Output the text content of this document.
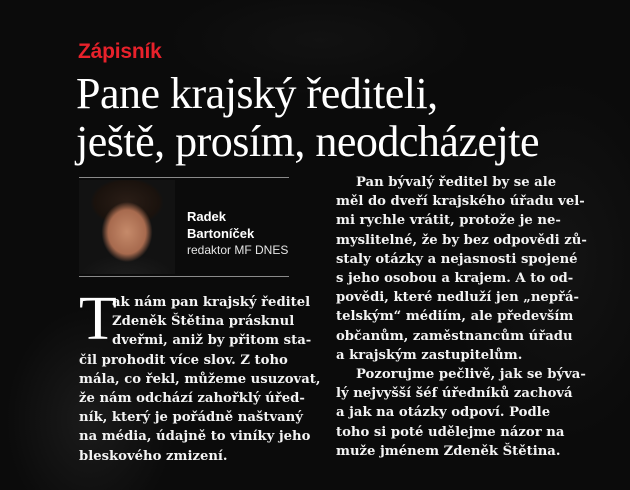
Zápisník
Pane krajský řediteli,
ještě, prosím, neodcházejte
Radek
Bartoníček
redaktor MF DNES
T
ak nám pan krajský ředitel
Zdeněk Štětina prásknul
dveřmi, aniž by přitom sta-
čil prohodit více slov. Z toho
mála, co řekl, můžeme usuzovat,
že nám odchází zahořklý úřed-
ník, který je pořádně naštvaný
na média, údajně to viníky jeho
bleskového zmizení.
Pan bývalý ředitel by se ale
měl do dveří krajského úřadu vel-
mi rychle vrátit, protože je ne-
myslitelné, že by bez odpovědi zů-
staly otázky a nejasnosti spojené
s jeho osobou a krajem. A to od-
povědi, které nedluží jen „nepřá-
telským“ médiím, ale především
občanům, zaměstnancům úřadu
a krajským zastupitelům.
Pozorujme pečlivě, jak se býva-
lý nejvyšší šéf úředníků zachová
a jak na otázky odpoví. Podle
toho si poté udělejme názor na
muže jménem Zdeněk Štětina.
